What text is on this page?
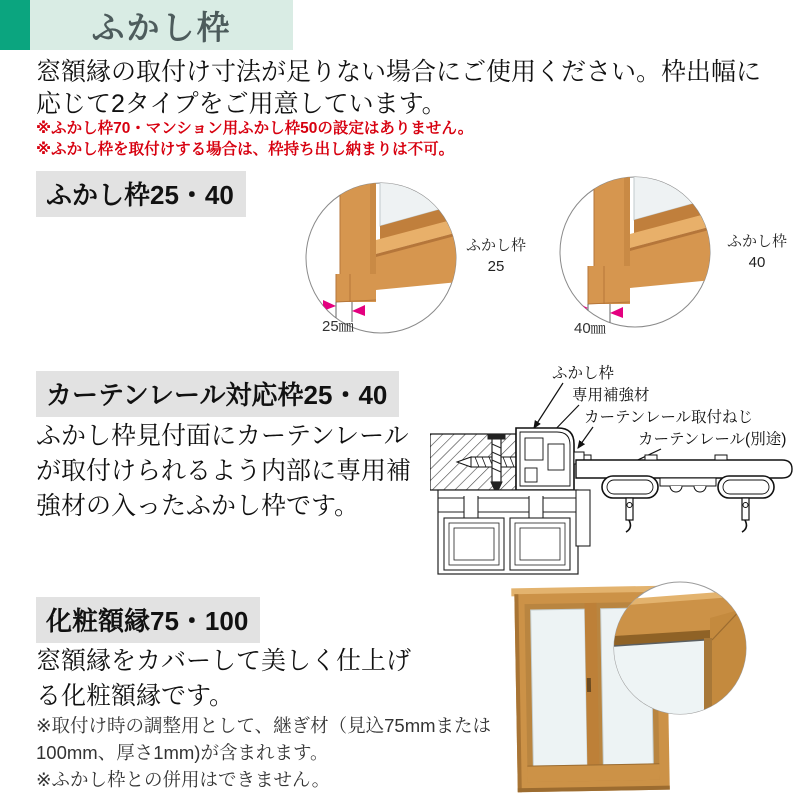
ふかし枠
窓額縁の取付け寸法が足りない場合にご使用ください。枠出幅に
応じて2タイプをご用意しています。
※ふかし枠70・マンション用ふかし枠50の設定はありません。
※ふかし枠を取付けする場合は、枠持ち出し納まりは不可。
ふかし枠25・40
25㎜
ふかし枠
25
40㎜
ふかし枠
40
カーテンレール対応枠25・40
ふかし枠見付面にカーテンレール
が取付けられるよう内部に専用補
強材の入ったふかし枠です。
ふかし枠
専用補強材
カーテンレール取付ねじ
カーテンレール(別途)
化粧額縁75・100
窓額縁をカバーして美しく仕上げ
る化粧額縁です。
※取付け時の調整用として、継ぎ材（見込75mmまたは
100mm、厚さ1mm)が含まれます。
※ふかし枠との併用はできません。
